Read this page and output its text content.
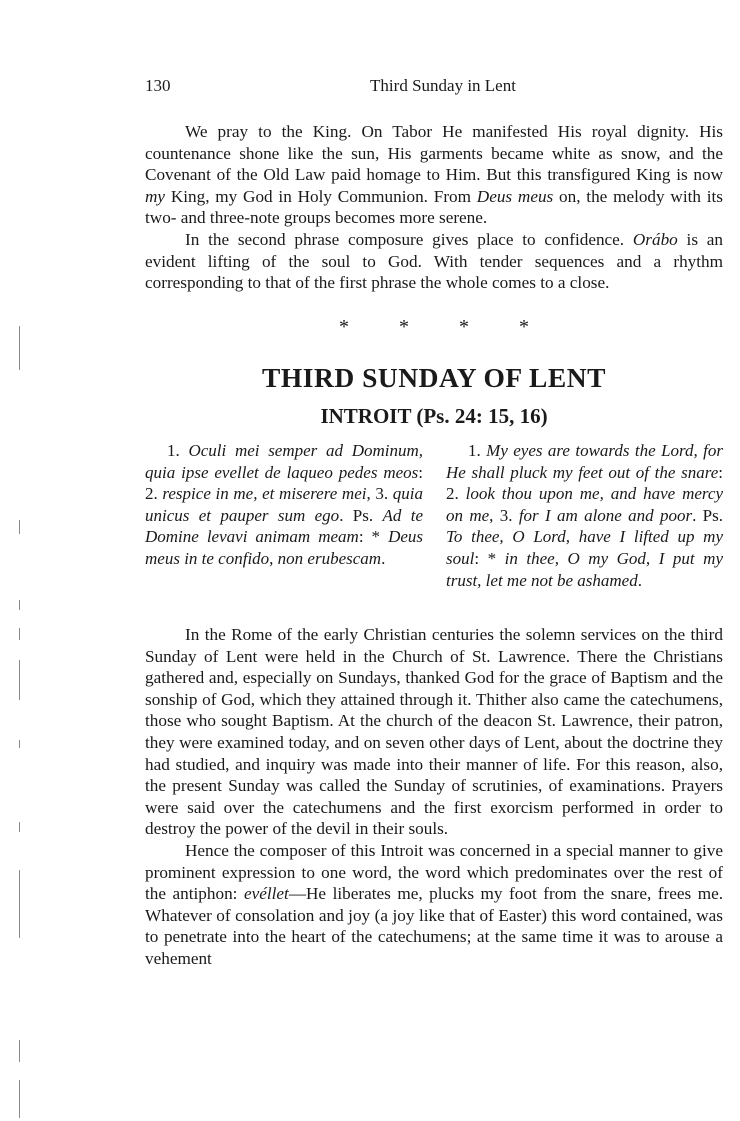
130	Third Sunday in Lent

We pray to the King. On Tabor He manifested His royal dignity. His countenance shone like the sun, His garments became white as snow, and the Covenant of the Old Law paid homage to Him. But this transfigured King is now my King, my God in Holy Communion. From Deus meus on, the melody with its two- and three-note groups becomes more serene.

In the second phrase composure gives place to confidence. Orábo is an evident lifting of the soul to God. With tender sequences and a rhythm corresponding to that of the first phrase the whole comes to a close.

*	*	*	*
THIRD SUNDAY OF LENT
INTROIT (Ps. 24: 15, 16)

1. Oculi mei semper ad Dominum, quia ipse evellet de laqueo pedes meos: 2. respice in me, et miserere mei, 3. quia unicus et pauper sum ego. Ps. Ad te Domine levavi animam meam: * Deus meus in te confido, non erubescam.

1. My eyes are towards the Lord, for He shall pluck my feet out of the snare: 2. look thou upon me, and have mercy on me, 3. for I am alone and poor. Ps. To thee, O Lord, have I lifted up my soul: * in thee, O my God, I put my trust, let me not be ashamed.

In the Rome of the early Christian centuries the solemn services on the third Sunday of Lent were held in the Church of St. Lawrence. There the Christians gathered and, especially on Sundays, thanked God for the grace of Baptism and the sonship of God, which they attained through it. Thither also came the catechumens, those who sought Baptism. At the church of the deacon St. Lawrence, their patron, they were examined today, and on seven other days of Lent, about the doctrine they had studied, and inquiry was made into their manner of life. For this reason, also, the present Sunday was called the Sunday of scrutinies, of examinations. Prayers were said over the catechumens and the first exorcism performed in order to destroy the power of the devil in their souls.

Hence the composer of this Introit was concerned in a special manner to give prominent expression to one word, the word which predominates over the rest of the antiphon: evéllet—He liberates me, plucks my foot from the snare, frees me. Whatever of consolation and joy (a joy like that of Easter) this word contained, was to penetrate into the heart of the catechumens; at the same time it was to arouse a vehement
